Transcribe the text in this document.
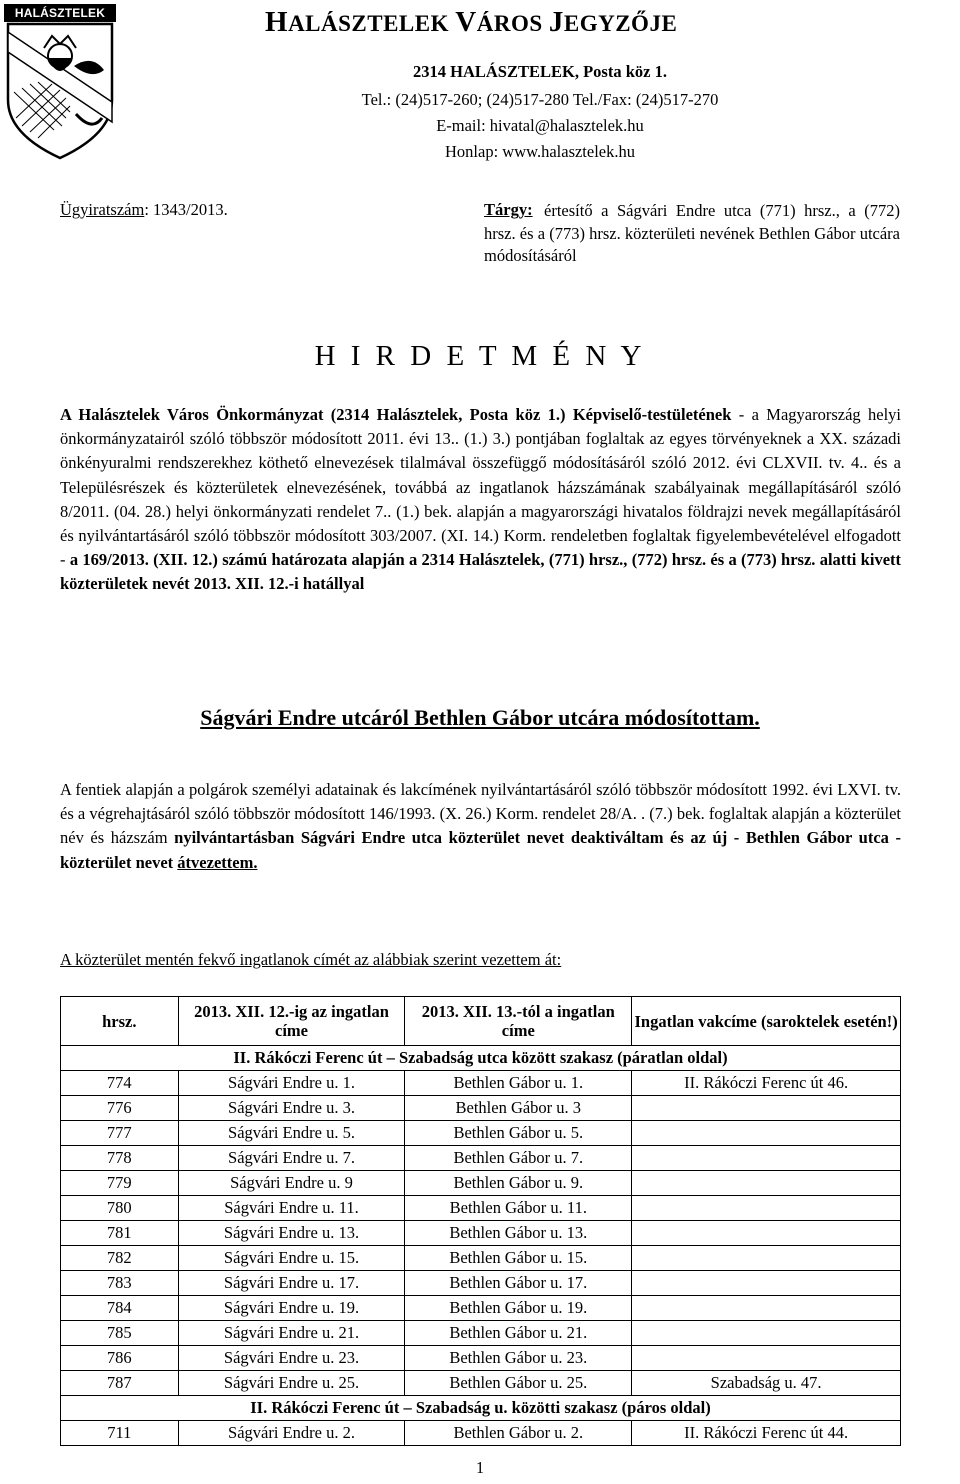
HALÁSZTELEK	HALÁSZTELEK VÁROS JEGYZŐJE
2314 HALÁSZTELEK, Posta köz 1.
Tel.: (24)517-260; (24)517-280 Tel./Fax: (24)517-270
E-mail: hivatal@halasztelek.hu
Honlap: www.halasztelek.hu
Ügyiratszám: 1343/2013.	Tárgy: értesítő a Ságvári Endre utca (771) hrsz., a (772) hrsz. és a (773) hrsz. közterületi nevének Bethlen Gábor utcára módosításáról
H I R D E T M É N Y

A Halásztelek Város Önkormányzat (2314 Halásztelek, Posta köz 1.) Képviselő-testületének - a Magyarország helyi önkormányzatairól szóló többször módosított 2011. évi 13.. (1.) 3.) pontjában foglaltak az egyes törvényeknek a XX. századi önkényuralmi rendszerekhez köthető elnevezések tilalmával összefüggő módosításáról szóló 2012. évi CLXVII. tv. 4.. és a Településrészek és közterületek elnevezésének, továbbá az ingatlanok házszámának szabályainak megállapításáról szóló 8/2011. (04. 28.) helyi önkormányzati rendelet 7.. (1.) bek. alapján a magyarországi hivatalos földrajzi nevek megállapításáról és nyilvántartásáról szóló többször módosított 303/2007. (XI. 14.) Korm. rendeletben foglaltak figyelembevételével elfogadott - a 169/2013. (XII. 12.) számú határozata alapján a 2314 Halásztelek, (771) hrsz., (772) hrsz. és a (773) hrsz. alatti kivett közterületek nevét 2013. XII. 12.-i hatállyal

Ságvári Endre utcáról Bethlen Gábor utcára módosítottam.

A fentiek alapján a polgárok személyi adatainak és lakcímének nyilvántartásáról szóló többször módosított 1992. évi LXVI. tv. és a végrehajtásáról szóló többször módosított 146/1993. (X. 26.) Korm. rendelet 28/A. . (7.) bek. foglaltak alapján a közterület név és házszám nyilvántartásban Ságvári Endre utca közterület nevet deaktiváltam és az új - Bethlen Gábor utca - közterület nevet átvezettem.

A közterület mentén fekvő ingatlanok címét az alábbiak szerint vezettem át:
hrsz.	2013. XII. 12.-ig az ingatlan címe	2013. XII. 13.-tól a ingatlan címe	Ingatlan vakcíme (saroktelek esetén!)
II. Rákóczi Ferenc út – Szabadság utca között szakasz (páratlan oldal)			
774	Ságvári Endre u. 1.	Bethlen Gábor u. 1.	II. Rákóczi Ferenc út 46.
776	Ságvári Endre u. 3.	Bethlen Gábor u. 3	
777	Ságvári Endre u. 5.	Bethlen Gábor u. 5.	
778	Ságvári Endre u. 7.	Bethlen Gábor u. 7.	
779	Ságvári Endre u. 9	Bethlen Gábor u. 9.	
780	Ságvári Endre u. 11.	Bethlen Gábor u. 11.	
781	Ságvári Endre u. 13.	Bethlen Gábor u. 13.	
782	Ságvári Endre u. 15.	Bethlen Gábor u. 15.	
783	Ságvári Endre u. 17.	Bethlen Gábor u. 17.	
784	Ságvári Endre u. 19.	Bethlen Gábor u. 19.	
785	Ságvári Endre u. 21.	Bethlen Gábor u. 21.	
786	Ságvári Endre u. 23.	Bethlen Gábor u. 23.	
787	Ságvári Endre u. 25.	Bethlen Gábor u. 25.	Szabadság u. 47.
II. Rákóczi Ferenc út – Szabadság u. közötti szakasz (páros oldal)			
711	Ságvári Endre u. 2.	Bethlen Gábor u. 2.	II. Rákóczi Ferenc út 44.
1
